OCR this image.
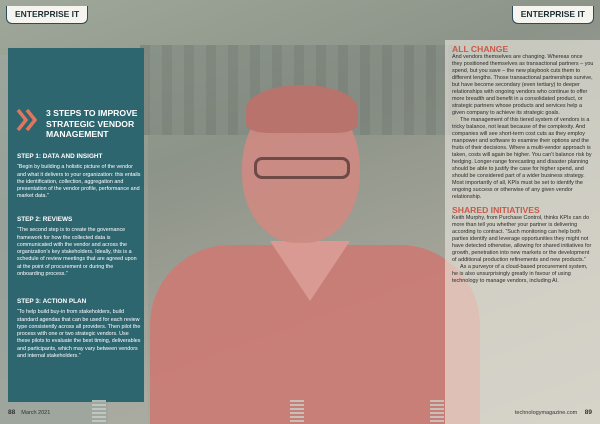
ENTERPRISE IT	ENTERPRISE IT
3 STEPS TO IMPROVE STRATEGIC VENDOR MANAGEMENT
STEP 1: DATA AND INSIGHT
“Begin by building a holistic picture of the vendor and what it delivers to your organization: this entails the identification, collection, aggregation and presentation of the vendor profile, performance and market data.”
STEP 2: REVIEWS
“The second step is to create the governance framework for how the collected data is communicated with the vendor and across the organization’s key stakeholders. Ideally, this is a schedule of review meetings that are agreed upon at the point of procurement or during the onboarding process.”
STEP 3: ACTION PLAN
“To help build buy-in from stakeholders, build standard agendas that can be used for each review type consistently across all providers. Then pilot the process with one or two strategic vendors. Use these pilots to evaluate the best timing, deliverables and participants, which may vary between vendors and internal stakeholders.”
ALL CHANGE

And vendors themselves are changing. Whereas once they positioned themselves as transactional partners – you spend, but you save – the new playbook cuts them to different lengths. Those transactional partnerships survive, but have become secondary (even tertiary) to deeper relationships with ongoing vendors who continue to offer more breadth and benefit in a consolidated product, or strategic partners whose products and services help a given company to achieve its strategic goals.

The management of this tiered system of vendors is a tricky balance, not least because of the complexity. And companies will see short-term cost cuts as they employ manpower and software to examine their options and the fruits of their decisions. Where a multi-vendor approach is taken, costs will again be higher. You can’t balance risk by hedging. Longer-range forecasting and disaster planning should be able to justify the case for higher spend, and should be considered part of a wider business strategy. Most importantly of all, KPIs must be set to identify the ongoing success or otherwise of any given vendor relationship.

SHARED INITIATIVES

Keith Murphy, from Purchase Control, thinks KPIs can do more than tell you whether your partner is delivering according to contract. “Such monitoring can help both parties identify and leverage opportunities they might not have detected otherwise, allowing for shared initiatives for growth, penetration into new markets or the development of additional production refinements and new products.”

As a purveyor of a cloud-based procurement system, he is also unsurprisingly greatly in favour of using technology to manage vendors, including AI.

88 March 2021	technologymagazine.com 89
